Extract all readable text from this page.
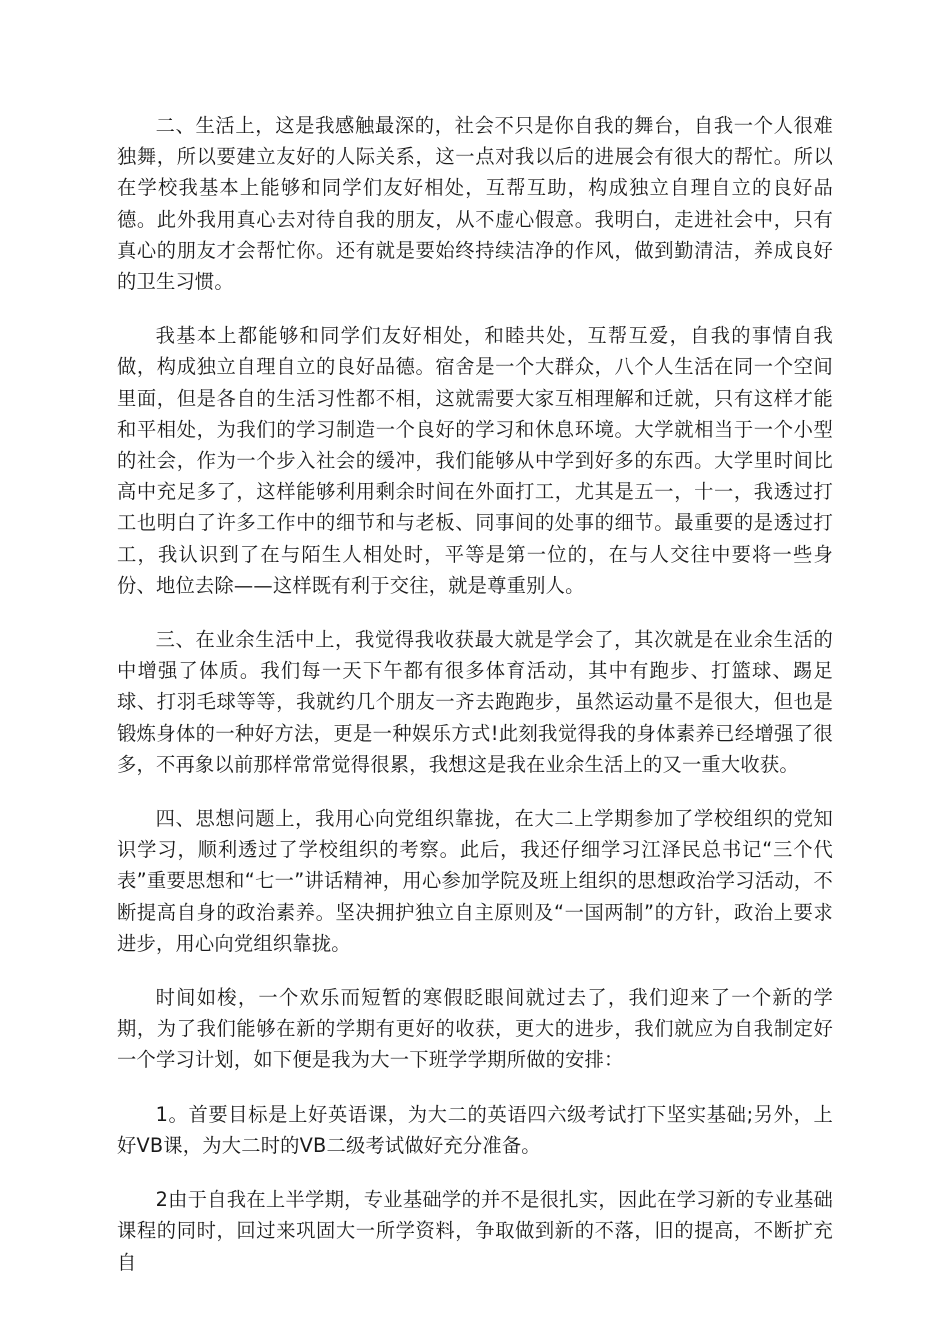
二、生活上，这是我感触最深的，社会不只是你自我的舞台，自我一个人很难独舞，所以要建立友好的人际关系，这一点对我以后的进展会有很大的帮忙。所以在学校我基本上能够和同学们友好相处，互帮互助，构成独立自理自立的良好品德。此外我用真心去对待自我的朋友，从不虚心假意。我明白，走进社会中，只有真心的朋友才会帮忙你。还有就是要始终持续洁净的作风，做到勤清洁，养成良好的卫生习惯。

我基本上都能够和同学们友好相处，和睦共处，互帮互爱，自我的事情自我做，构成独立自理自立的良好品德。宿舍是一个大群众，八个人生活在同一个空间里面，但是各自的生活习性都不相，这就需要大家互相理解和迁就，只有这样才能和平相处，为我们的学习制造一个良好的学习和休息环境。大学就相当于一个小型的社会，作为一个步入社会的缓冲，我们能够从中学到好多的东西。大学里时间比高中充足多了，这样能够利用剩余时间在外面打工，尤其是五一，十一，我透过打工也明白了许多工作中的细节和与老板、同事间的处事的细节。最重要的是透过打工，我认识到了在与陌生人相处时，平等是第一位的，在与人交往中要将一些身份、地位去除——这样既有利于交往，就是尊重别人。

三、在业余生活中上，我觉得我收获最大就是学会了，其次就是在业余生活的中增强了体质。我们每一天下午都有很多体育活动，其中有跑步、打篮球、踢足球、打羽毛球等等，我就约几个朋友一齐去跑跑步，虽然运动量不是很大，但也是锻炼身体的一种好方法，更是一种娱乐方式!此刻我觉得我的身体素养已经增强了很多，不再象以前那样常常觉得很累，我想这是我在业余生活上的又一重大收获。

四、思想问题上，我用心向党组织靠拢，在大二上学期参加了学校组织的党知识学习，顺利透过了学校组织的考察。此后，我还仔细学习江泽民总书记“三个代表”重要思想和“七一”讲话精神，用心参加学院及班上组织的思想政治学习活动，不断提高自身的政治素养。坚决拥护独立自主原则及“一国两制”的方针，政治上要求进步，用心向党组织靠拢。

时间如梭，一个欢乐而短暂的寒假眨眼间就过去了，我们迎来了一个新的学期，为了我们能够在新的学期有更好的收获，更大的进步，我们就应为自我制定好一个学习计划，如下便是我为大一下班学学期所做的安排：

1。首要目标是上好英语课，为大二的英语四六级考试打下坚实基础;另外，上好VB课，为大二时的VB二级考试做好充分准备。

2由于自我在上半学期，专业基础学的并不是很扎实，因此在学习新的专业基础课程的同时，回过来巩固大一所学资料，争取做到新的不落，旧的提高，不断扩充自
